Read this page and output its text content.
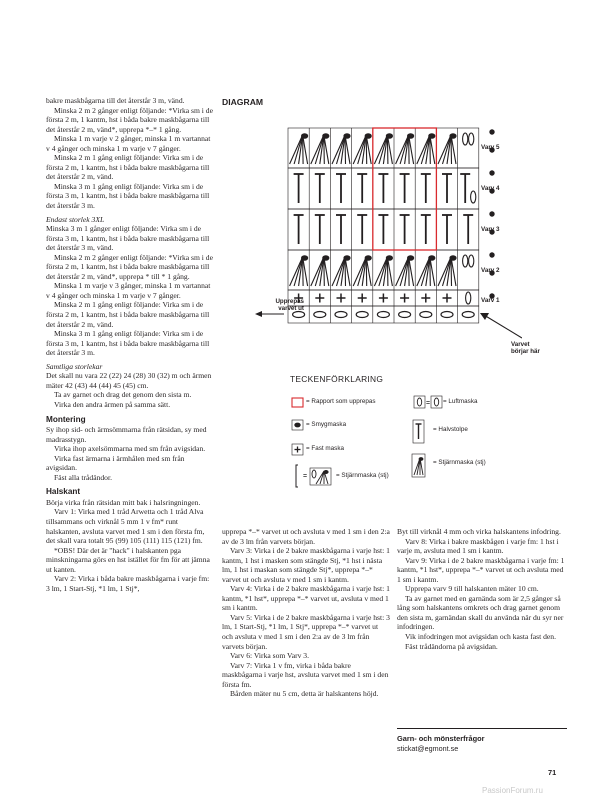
bakre maskbågarna till det återstår 3 m, vänd.

Minska 2 m 2 gånger enligt följande: *Virka sm i de första 2 m, 1 kantm, hst i båda bakre maskbågarna till det återstår 2 m, vänd*, upprepa *–* 1 gång.

Minska 1 m varje v 2 gånger, minska 1 m vartannat v 4 gånger och minska 1 m varje v 7 gånger.

Minska 2 m 1 gång enligt följande: Virka sm i de första 2 m, 1 kantm, hst i båda bakre maskbågarna till det återstår 2 m, vänd.

Minska 3 m 1 gång enligt följande: Virka sm i de första 3 m, 1 kantm, hst i båda bakre maskbågarna till det återstår 3 m.

Endast storlek 3XL

Minska 3 m 1 gånger enligt följande: Virka sm i de första 3 m, 1 kantm, hst i båda bakre maskbågarna till det återstår 3 m, vänd.

Minska 2 m 2 gånger enligt följande: *Virka sm i de första 2 m, 1 kantm, hst i båda bakre maskbågarna till det återstår 2 m, vänd*, upprepa * till * 1 gång.

Minska 1 m varje v 3 gånger, minska 1 m vartannat v 4 gånger och minska 1 m varje v 7 gånger.

Minska 2 m 1 gång enligt följande: Virka sm i de första 2 m, 1 kantm, hst i båda bakre maskbågarna till det återstår 2 m, vänd.

Minska 3 m 1 gång enligt följande: Virka sm i de första 3 m, 1 kantm, hst i båda bakre maskbågarna till det återstår 3 m.

Samtliga storlekar

Det skall nu vara 22 (22) 24 (28) 30 (32) m och ärmen mäter 42 (43) 44 (44) 45 (45) cm.

Ta av garnet och drag det genom den sista m.

Virka den andra ärmen på samma sätt.

Montering

Sy ihop sid- och ärmsömmarna från rätsidan, sy med madrasstygn.

Virka ihop axelsömmarna med sm från avigsidan.

Virka fast ärmarna i ärmhålen med sm från avigsidan.

Fäst alla trådändor.

Halskant

Börja virka från rätsidan mitt bak i halsringningen.

Varv 1: Virka med 1 tråd Arwetta och 1 tråd Alva tillsammans och virknål 5 mm 1 v fm* runt halskanten, avsluta varvet med 1 sm i den första fm, det skall vara totalt 95 (99) 105 (111) 115 (121) fm.

*OBS! Där det är "hack" i halskanten pga minskningarna görs en hst istället för fm för att jämna ut kanten.

Varv 2: Virka i båda bakre maskbågarna i varje fm: 3 lm, 1 Start-Stj, *1 lm, 1 Stj*,

DIAGRAM
Varv 5
Varv 4
Varv 3
Varv 2
Varv 1
Upprepas
varvet ut
Varvet
börjar här
TECKENFÖRKLARING
=
=
= Rapport som upprepas
= Smygmaska
= Fast maska
= Stjärnmaska (stj)
= Luftmaska
= Halvstolpe
= Stjärnmaska (stj)

upprepa *–* varvet ut och avsluta v med 1 sm i den 2:a av de 3 lm från varvets början.

Varv 3: Virka i de 2 bakre maskbågarna i varje hst: 1 kantm, 1 hst i masken som stängde Stj, *1 hst i nästa lm, 1 hst i maskan som stängde Stj*, upprepa *–* varvet ut och avsluta v med 1 sm i kantm.

Varv 4: Virka i de 2 bakre maskbågarna i varje hst: 1 kantm, *1 hst*, upprepa *–* varvet ut, avsluta v med 1 sm i kantm.

Varv 5: Virka i de 2 bakre maskbågarna i varje hst: 3 lm, 1 Start-Stj, *1 lm, 1 Stj*, upprepa *–* varvet ut och avsluta v med 1 sm i den 2:a av de 3 lm från varvets början.

Varv 6: Virka som Varv 3.

Varv 7: Virka 1 v fm, virka i båda bakre maskbågarna i varje hst, avsluta varvet med 1 sm i den första fm.

Bården mäter nu 5 cm, detta är halskantens höjd.

Byt till virknål 4 mm och virka halskantens infodring.

Varv 8: Virka i bakre maskbågen i varje fm: 1 hst i varje m, avsluta med 1 sm i kantm.

Varv 9: Virka i de 2 bakre maskbågarna i varje fm: 1 kantm, *1 hst*, upprepa *–* varvet ut och avsluta med 1 sm i kantm.

Upprepa varv 9 till halskanten mäter 10 cm.

Ta av garnet med en garnända som är 2,5 gånger så lång som halskantens omkrets och drag garnet genom den sista m, garnändan skall du använda när du syr ner infodringen.

Vik infodringen mot avigsidan och kasta fast den.

Fäst trådändorna på avigsidan.

Garn- och mönsterfrågor
stickat@egmont.se
71
PassionForum.ru
